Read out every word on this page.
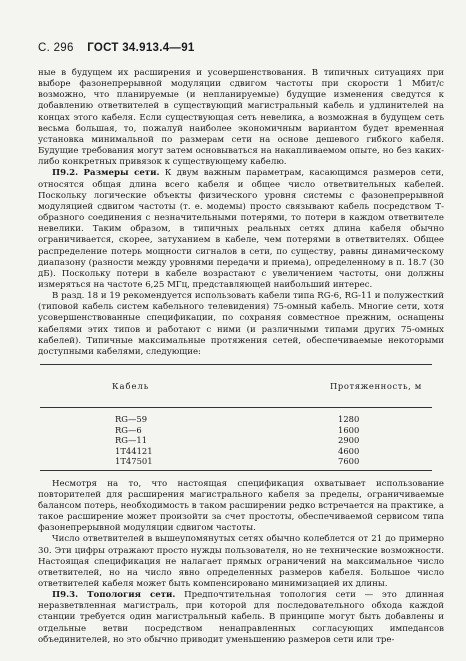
С. 296 ГОСТ 34.913.4—91

ные в будущем их расширения и усовершенствования. В типичных ситуациях при выборе фазонепрерывной модуляции сдвигом частоты при скорости 1 Мбит/с возможно, что планируемые (и непланируемые) будущие изменения сведутся к добавлению ответвителей в существующий магистральный кабель и удлинителей на концах этого кабеля. Если существующая сеть невелика, а возможная в будущем сеть весьма большая, то, пожалуй наиболее экономичным вариантом будет временная установка минимальной по размерам сети на основе дешевого гибкого кабеля. Будущие требования могут затем основываться на накапливаемом опыте, но без каких-либо конкретных привязок к существующему кабелю.

П9.2. Размеры сети. К двум важным параметрам, касающимся размеров сети, относятся общая длина всего кабеля и общее число ответвительных кабелей. Поскольку логические объекты физического уровня системы с фазонепрерывной модуляцией сдвигом частоты (т. е. модемы) просто связывают кабель посредством Т-образного соединения с незначительными потерями, то потери в каждом ответвителе невелики. Таким образом, в типичных реальных сетях длина кабеля обычно ограничивается, скорее, затуханием в кабеле, чем потерями в ответвителях. Общее распределение потерь мощности сигналов в сети, по существу, равны динамическому диапазону (разности между уровнями передачи и приема), определенному в п. 18.7 (30 дБ). Поскольку потери в кабеле возрастают с увеличением частоты, они должны измеряться на частоте 6,25 МГц, представляющей наибольший интерес.

В разд. 18 и 19 рекомендуется использовать кабели типа RG-6, RG-11 и полужесткий (типовой кабель систем кабельного телевидения) 75-омный кабель. Многие сети, хотя усовершенствованные спецификации, по сохраняя совместное прежним, оснащены кабелями этих типов и работают с ними (и различными типами других 75-омных кабелей). Типичные максимальные протяжения сетей, обеспечиваемые некоторыми доступными кабелями, следующие:

Кабель	Протяженность, м
RG—59	1280
RG—6	1600
RG—11	2900
1T44121	4600
1T47501	7600

Несмотря на то, что настоящая спецификация охватывает использование повторителей для расширения магистрального кабеля за пределы, ограничиваемые балансом потерь, необходимость в таком расширении редко встречается на практике, а такое расширение может произойти за счет простоты, обеспечиваемой сервисом типа фазонепрерывной модуляции сдвигом частоты.

Число ответвителей в вышеупомянутых сетях обычно колеблется от 21 до примерно 30. Эти цифры отражают просто нужды пользователя, но не технические возможности. Настоящая спецификация не налагает прямых ограничений на максимальное число ответвителей, но на число явно определенных размеров кабеля. Большое число ответвителей кабеля может быть компенсировано минимизацией их длины.

П9.3. Топология сети. Предпочтительная топология сети — это длинная неразветвленная магистраль, при которой для последовательного обхода каждой станции требуется один магистральный кабель. В принципе могут быть добавлены и отдельные ветви посредством ненаправленных согласующих импедансов объединителей, но это обычно приводит уменьшению размеров сети или тре-
